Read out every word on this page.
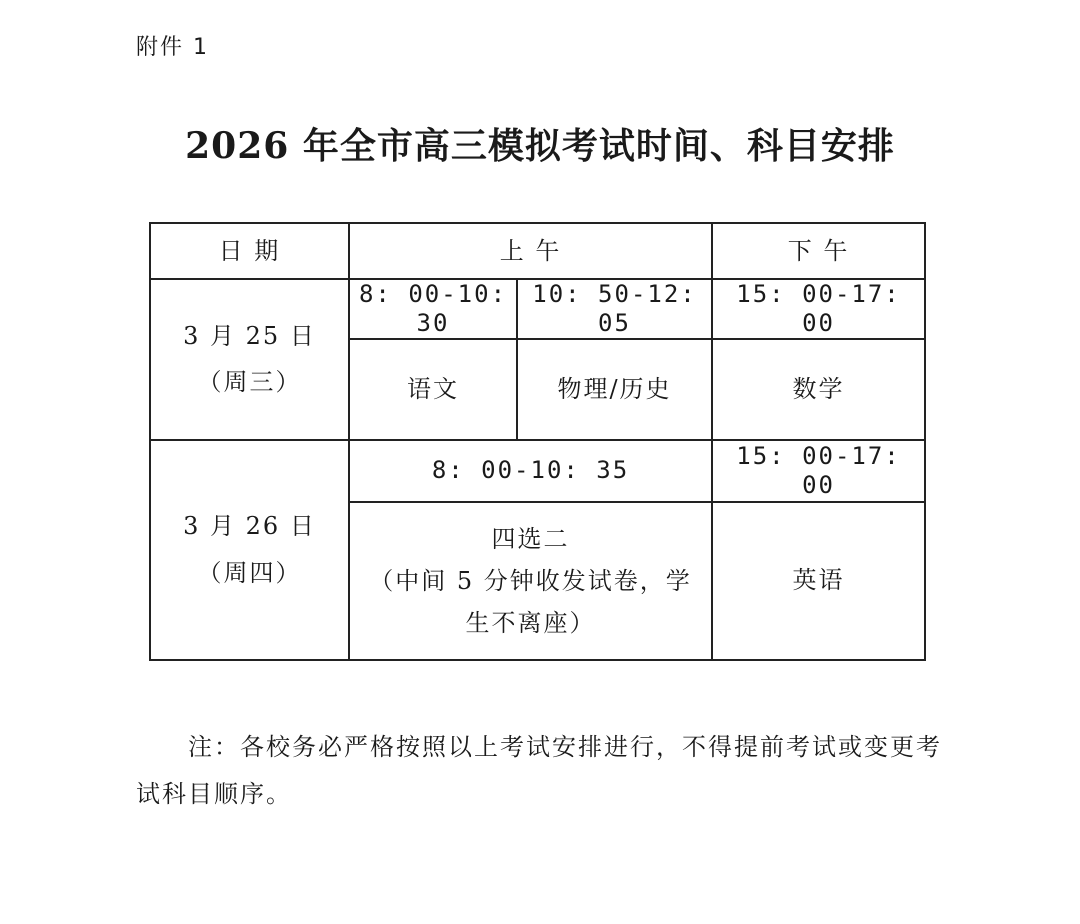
附件 1
2026 年全市高三模拟考试时间、科目安排
日 期	上 午		下 午

3 月 25 日
（周三）	8: 00-10: 30	10: 50-12: 05	15: 00-17: 00
	语文	物理/历史	数学

3 月 26 日
（周四）	8: 00-10: 35		15: 00-17: 00

	四选二
（中间 5 分钟收发试卷，学
生不离座）		英语
注：各校务必严格按照以上考试安排进行，不得提前考试或变更考试科目顺序。
